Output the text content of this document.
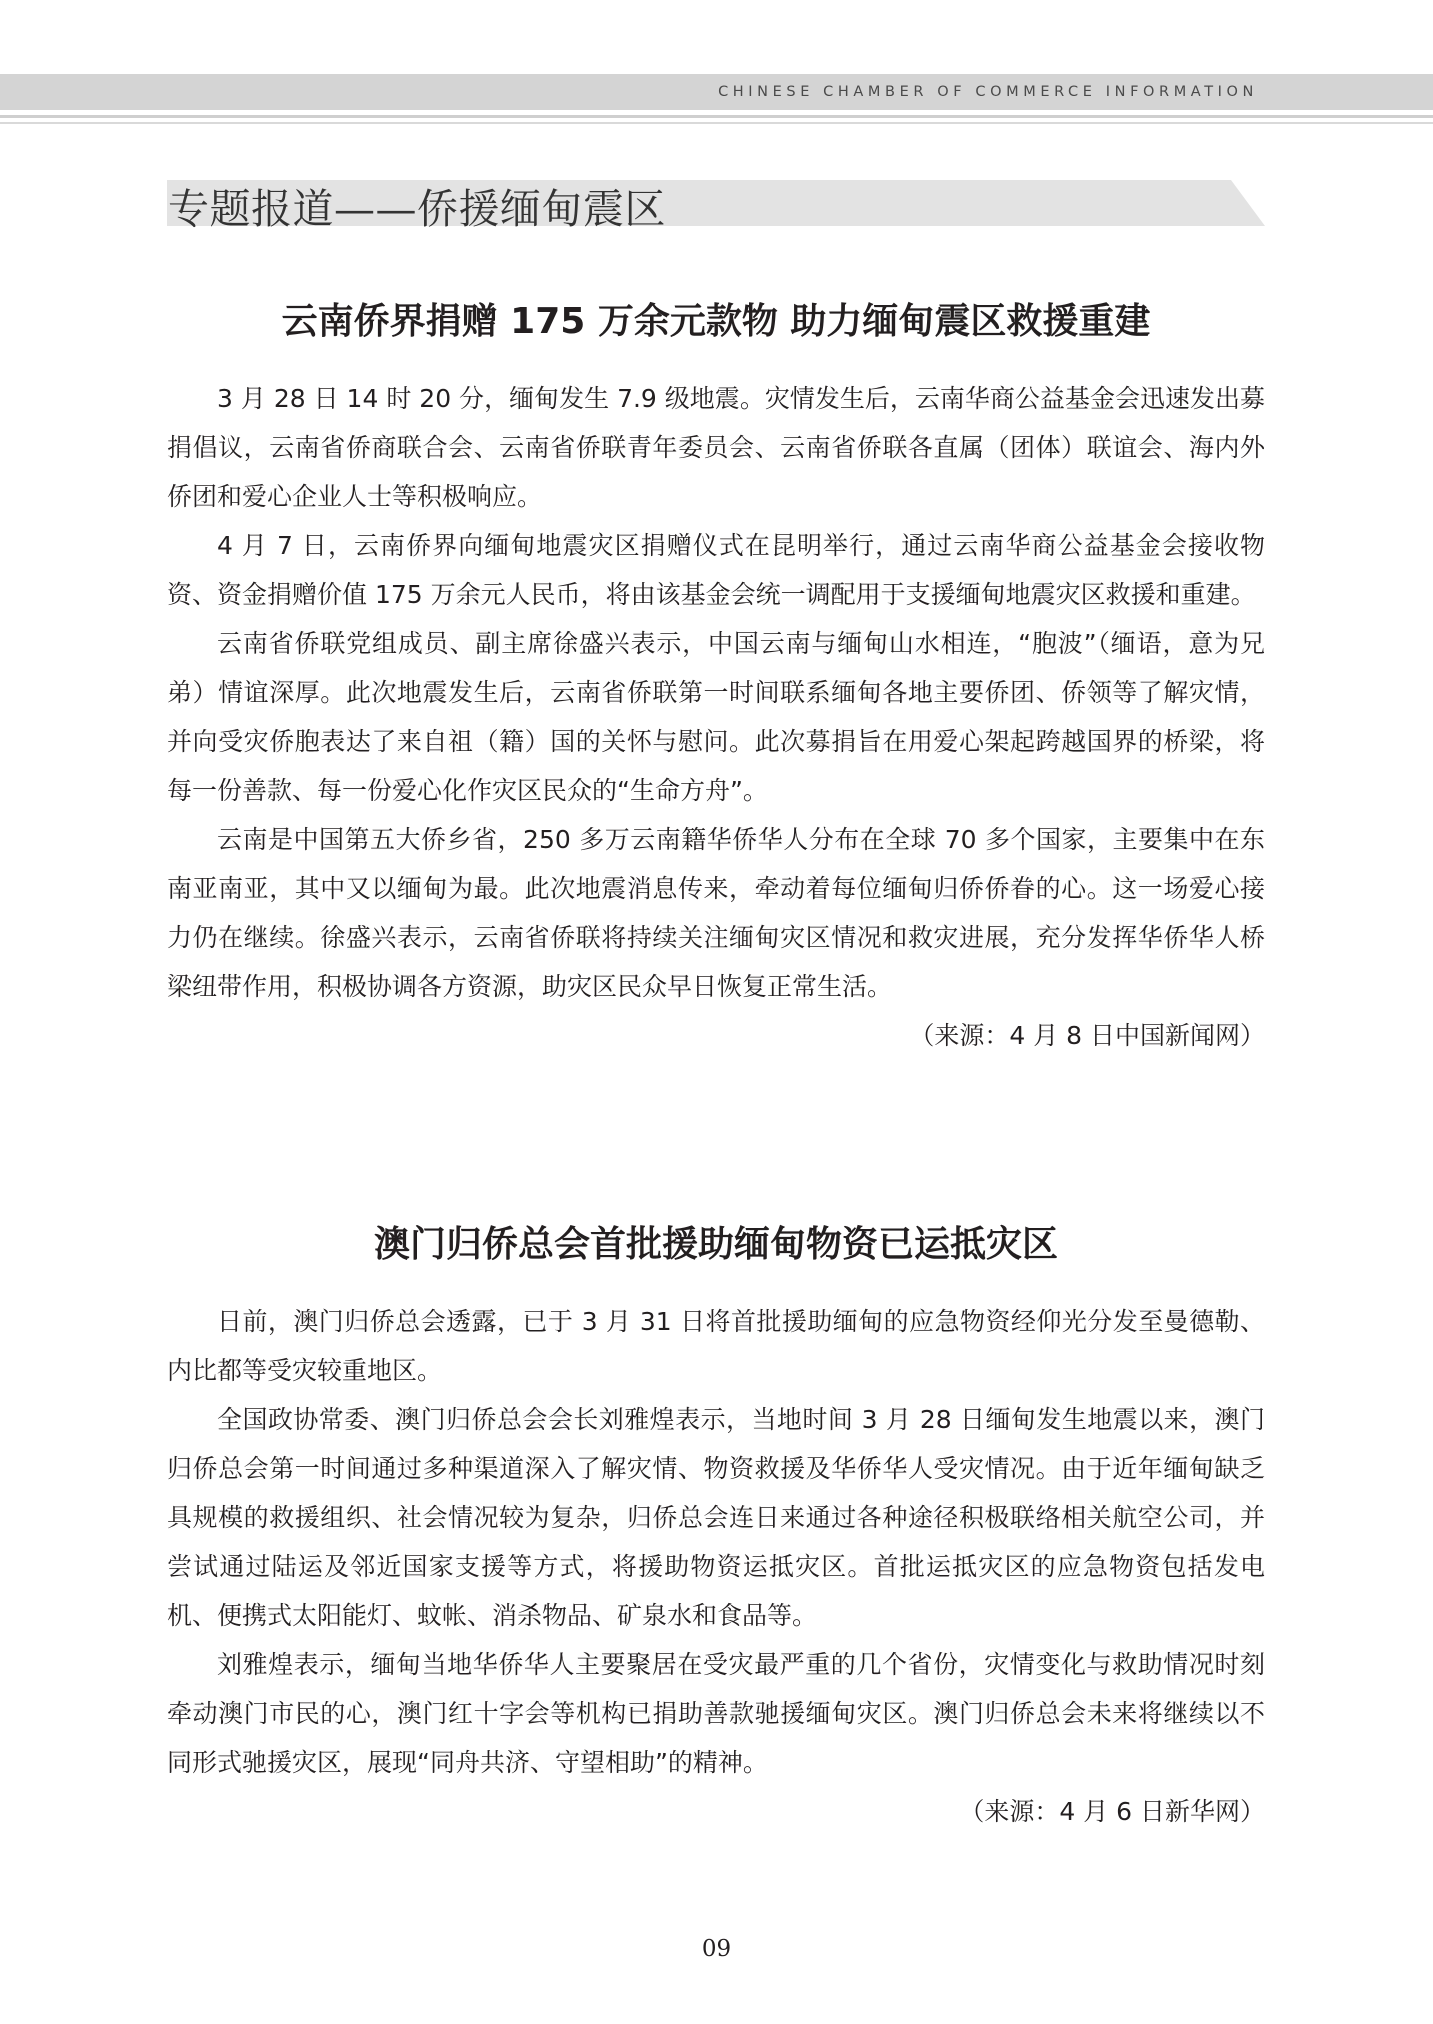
CHINESE CHAMBER OF COMMERCE INFORMATION
专题报道——侨援缅甸震区
云南侨界捐赠 175 万余元款物 助力缅甸震区救援重建

3 月 28 日 14 时 20 分，缅甸发生 7.9 级地震。灾情发生后，云南华商公益基金会迅速发出募捐倡议，云南省侨商联合会、云南省侨联青年委员会、云南省侨联各直属（团体）联谊会、海内外侨团和爱心企业人士等积极响应。

4 月 7 日，云南侨界向缅甸地震灾区捐赠仪式在昆明举行，通过云南华商公益基金会接收物资、资金捐赠价值 175 万余元人民币，将由该基金会统一调配用于支援缅甸地震灾区救援和重建。

云南省侨联党组成员、副主席徐盛兴表示，中国云南与缅甸山水相连，“胞波”（缅语，意为兄弟）情谊深厚。此次地震发生后，云南省侨联第一时间联系缅甸各地主要侨团、侨领等了解灾情，并向受灾侨胞表达了来自祖（籍）国的关怀与慰问。此次募捐旨在用爱心架起跨越国界的桥梁，将每一份善款、每一份爱心化作灾区民众的“生命方舟”。

云南是中国第五大侨乡省，250 多万云南籍华侨华人分布在全球 70 多个国家，主要集中在东南亚南亚，其中又以缅甸为最。此次地震消息传来，牵动着每位缅甸归侨侨眷的心。这一场爱心接力仍在继续。徐盛兴表示，云南省侨联将持续关注缅甸灾区情况和救灾进展，充分发挥华侨华人桥梁纽带作用，积极协调各方资源，助灾区民众早日恢复正常生活。

（来源：4 月 8 日中国新闻网）

澳门归侨总会首批援助缅甸物资已运抵灾区

日前，澳门归侨总会透露，已于 3 月 31 日将首批援助缅甸的应急物资经仰光分发至曼德勒、内比都等受灾较重地区。

全国政协常委、澳门归侨总会会长刘雅煌表示，当地时间 3 月 28 日缅甸发生地震以来，澳门归侨总会第一时间通过多种渠道深入了解灾情、物资救援及华侨华人受灾情况。由于近年缅甸缺乏具规模的救援组织、社会情况较为复杂，归侨总会连日来通过各种途径积极联络相关航空公司，并尝试通过陆运及邻近国家支援等方式，将援助物资运抵灾区。首批运抵灾区的应急物资包括发电机、便携式太阳能灯、蚊帐、消杀物品、矿泉水和食品等。

刘雅煌表示，缅甸当地华侨华人主要聚居在受灾最严重的几个省份，灾情变化与救助情况时刻牵动澳门市民的心，澳门红十字会等机构已捐助善款驰援缅甸灾区。澳门归侨总会未来将继续以不同形式驰援灾区，展现“同舟共济、守望相助”的精神。

（来源：4 月 6 日新华网）

09
